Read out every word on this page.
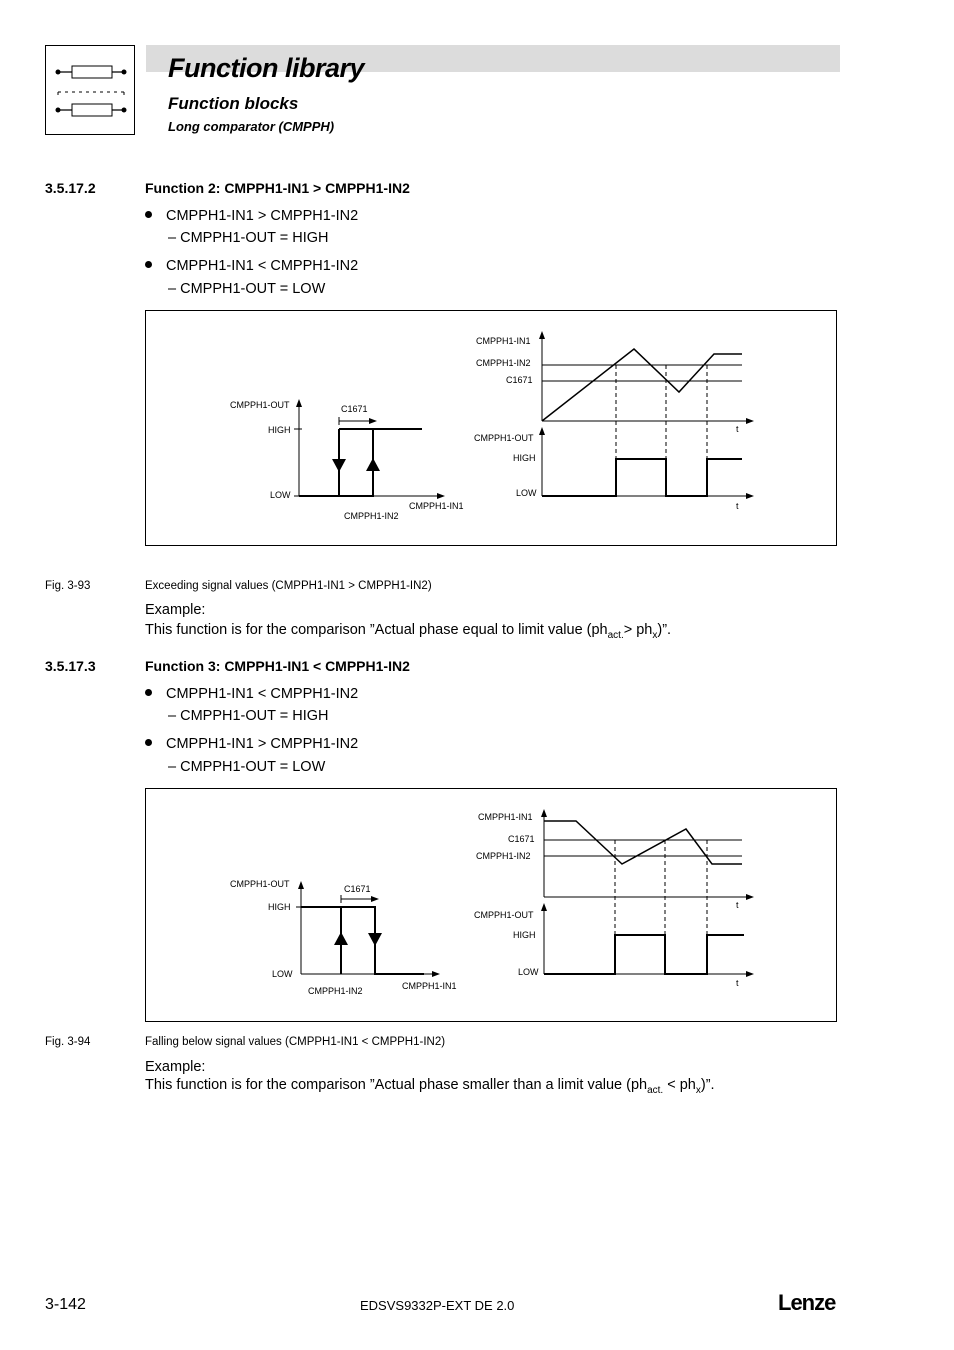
Function library
Function blocks
Long comparator (CMPPH)
3.5.17.2	Function 2: CMPPH1-IN1 > CMPPH1-IN2
CMPPH1-IN1 > CMPPH1-IN2
– CMPPH1-OUT = HIGH
CMPPH1-IN1 < CMPPH1-IN2
– CMPPH1-OUT = LOW
CMPPH1-OUT
HIGH
LOW
C1671
CMPPH1-IN2
CMPPH1-IN1
CMPPH1-IN1
CMPPH1-IN2
C1671
t
CMPPH1-OUT
HIGH
LOW
t
Fig. 3-93	Exceeding signal values (CMPPH1-IN1 > CMPPH1-IN2)
Example:
This function is for the comparison ”Actual phase equal to limit value $(ph_{act.}> ph_x)$”.
3.5.17.3	Function 3: CMPPH1-IN1 < CMPPH1-IN2
CMPPH1-IN1 < CMPPH1-IN2
– CMPPH1-OUT = HIGH
CMPPH1-IN1 > CMPPH1-IN2
– CMPPH1-OUT = LOW
CMPPH1-OUT
HIGH
LOW
C1671
CMPPH1-IN2	CMPPH1-IN1
CMPPH1-IN1
C1671
CMPPH1-IN2
t
CMPPH1-OUT
HIGH
LOW
t
Fig. 3-94	Falling below signal values (CMPPH1-IN1 < CMPPH1-IN2)
Example:
This function is for the comparison ”Actual phase smaller than a limit value $(ph_{act.} < ph_x)$”.
3-142	EDSVS9332P-EXT DE 2.0	Lenze
